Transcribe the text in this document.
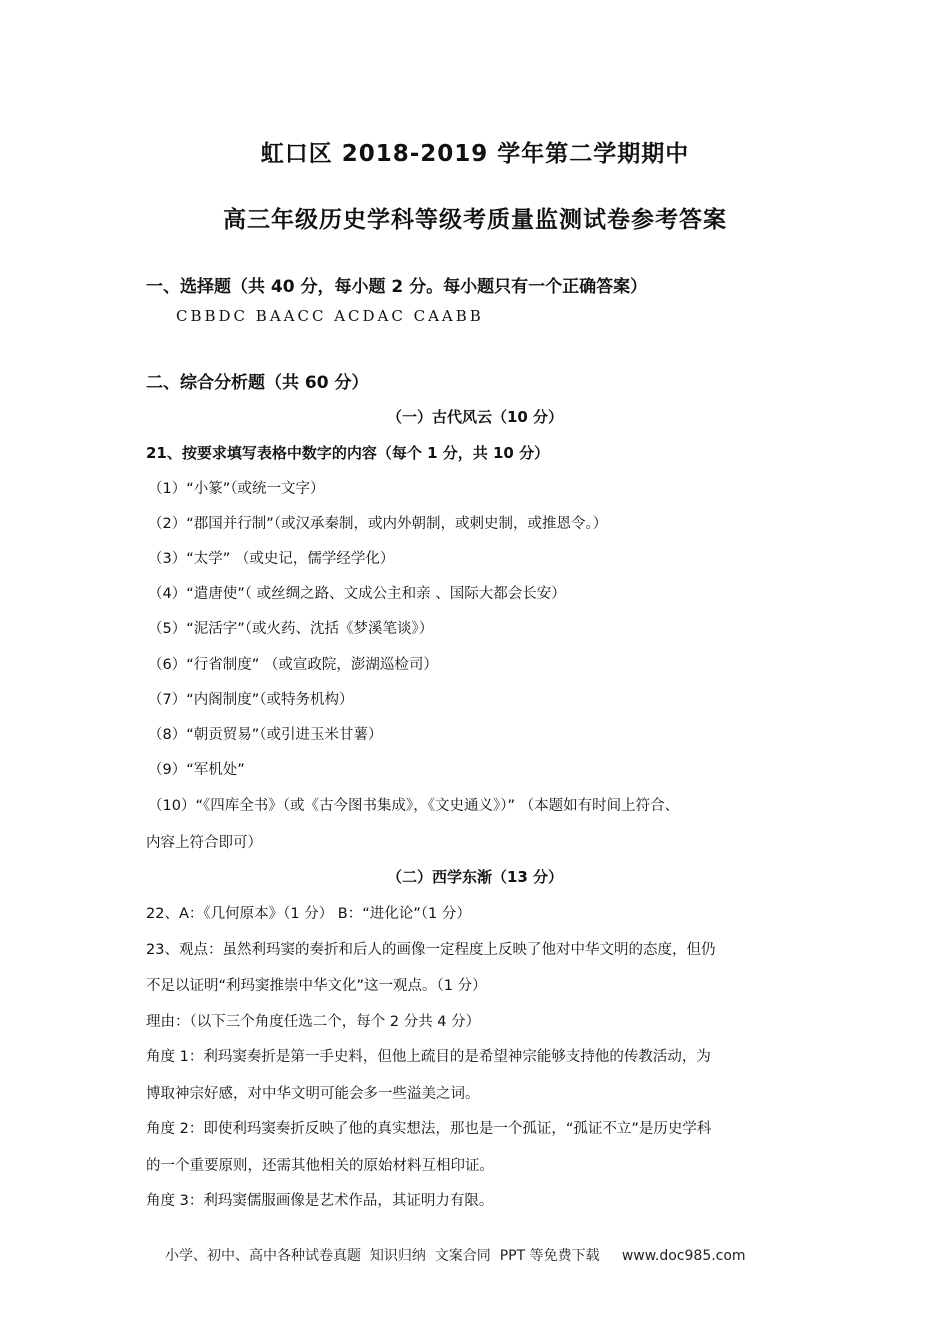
虹口区 2018-2019 学年第二学期期中
高三年级历史学科等级考质量监测试卷参考答案
一、选择题（共 40 分，每小题 2 分。每小题只有一个正确答案）
CBBDC BAACC ACDAC CAABB
二、综合分析题（共 60 分）
（一）古代风云（10 分）
21、按要求填写表格中数字的内容（每个 1 分，共 10 分）
（1）“小篆”（或统一文字）
（2）“郡国并行制”（或汉承秦制，或内外朝制，或刺史制，或推恩令。）
（3）“太学” （或史记，儒学经学化）
（4）“遣唐使”（ 或丝绸之路、文成公主和亲 、国际大都会长安）
（5）“泥活字”（或火药、沈括《梦溪笔谈》）
（6）“行省制度” （或宣政院，澎湖巡检司）
（7）“内阁制度”（或特务机构）
（8）“朝贡贸易”（或引进玉米甘薯）
（9）“军机处”
（10）“《四库全书》（或《古今图书集成》，《文史通义》）” （本题如有时间上符合、
内容上符合即可）
（二）西学东渐（13 分）
22、A：《几何原本》（1 分） B：“进化论”（1 分）
23、观点：虽然利玛窦的奏折和后人的画像一定程度上反映了他对中华文明的态度，但仍
不足以证明“利玛窦推崇中华文化”这一观点。（1 分）
理由：（以下三个角度任选二个，每个 2 分共 4 分）
角度 1：利玛窦奏折是第一手史料，但他上疏目的是希望神宗能够支持他的传教活动，为
博取神宗好感，对中华文明可能会多一些溢美之词。
角度 2：即使利玛窦奏折反映了他的真实想法，那也是一个孤证，“孤证不立”是历史学科
的一个重要原则，还需其他相关的原始材料互相印证。
角度 3：利玛窦儒服画像是艺术作品，其证明力有限。
小学、初中、高中各种试卷真题  知识归纳  文案合同  PPT 等免费下载     www.doc985.com
